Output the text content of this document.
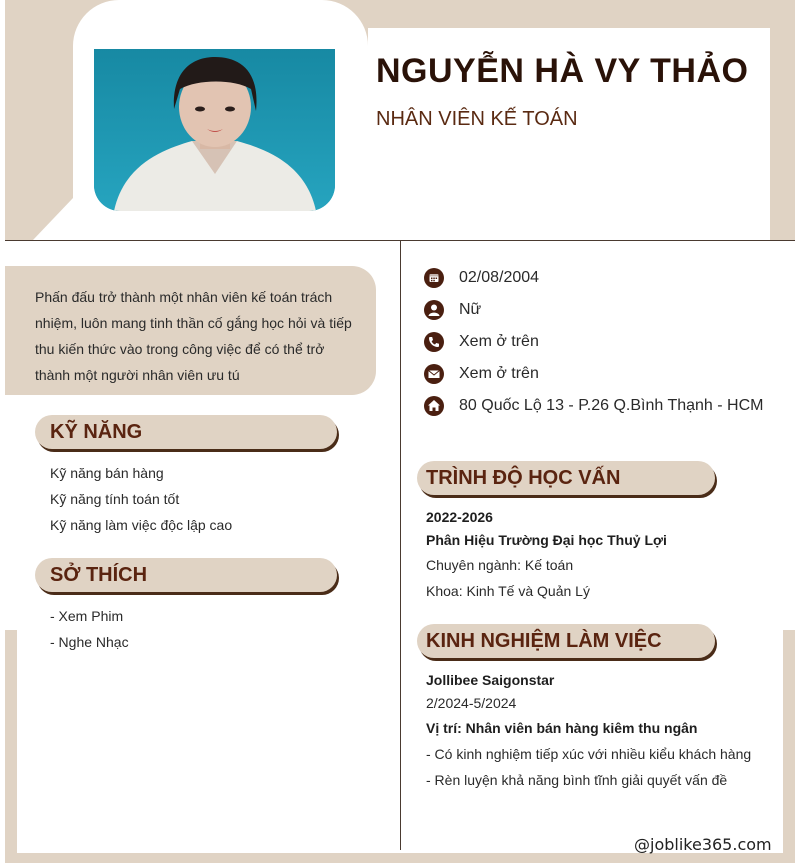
NGUYỄN HÀ VY THẢO
NHÂN VIÊN KẾ TOÁN

Phấn đấu trở thành một nhân viên kế toán trách nhiệm, luôn mang tinh thần cố gắng học hỏi và tiếp thu kiến thức vào trong công việc để có thể trở thành một người nhân viên ưu tú

KỸ NĂNG
Kỹ năng bán hàng
Kỹ năng tính toán tốt
Kỹ năng làm việc độc lập cao
SỞ THÍCH
- Xem Phim
- Nghe Nhạc
02/08/2004
Nữ
Xem ở trên
Xem ở trên
80 Quốc Lộ 13 - P.26 Q.Bình Thạnh - HCM
TRÌNH ĐỘ HỌC VẤN
2022-2026
Phân Hiệu Trường Đại học Thuỷ Lợi
Chuyên ngành: Kế toán
Khoa: Kinh Tế và Quản Lý
KINH NGHIỆM LÀM VIỆC
Jollibee Saigonstar
2/2024-5/2024
Vị trí: Nhân viên bán hàng kiêm thu ngân
- Có kinh nghiệm tiếp xúc với nhiều kiểu khách hàng
- Rèn luyện khả năng bình tĩnh giải quyết vấn đề
@joblike365.com
